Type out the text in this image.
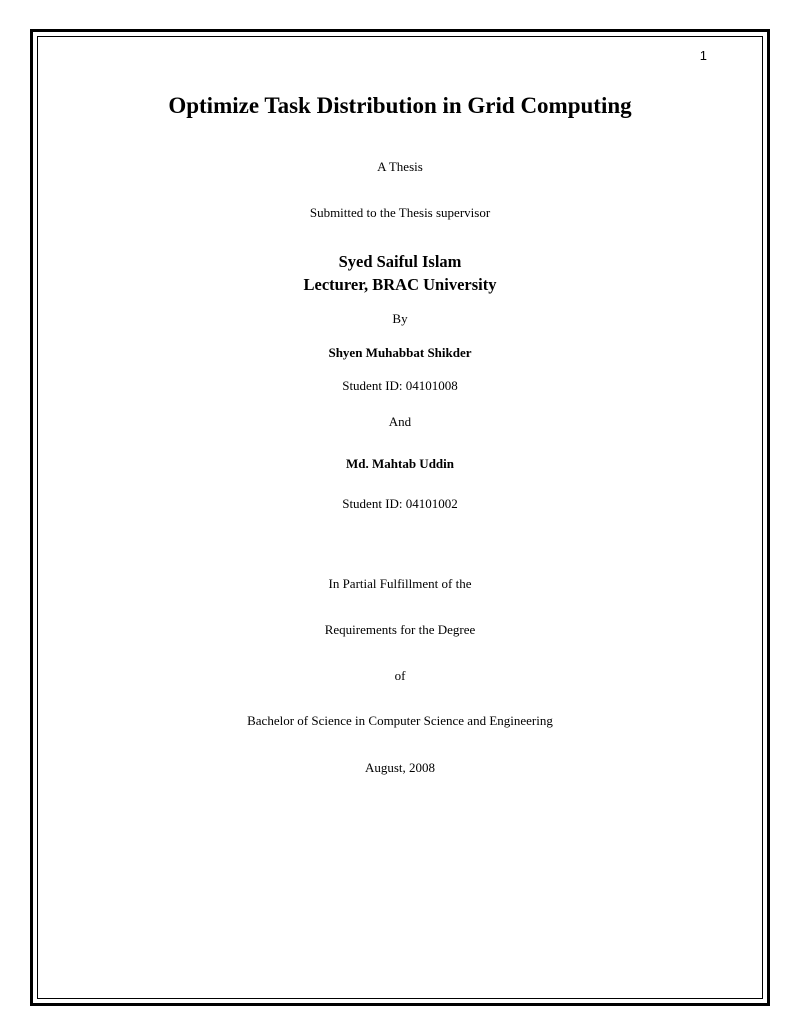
1
Optimize Task Distribution in Grid Computing
A Thesis
Submitted to the Thesis supervisor
Syed Saiful Islam
Lecturer, BRAC University
By
Shyen Muhabbat Shikder
Student ID: 04101008
And
Md. Mahtab Uddin
Student ID: 04101002
In Partial Fulfillment of the
Requirements for the Degree
of
Bachelor of Science in Computer Science and Engineering
August, 2008
